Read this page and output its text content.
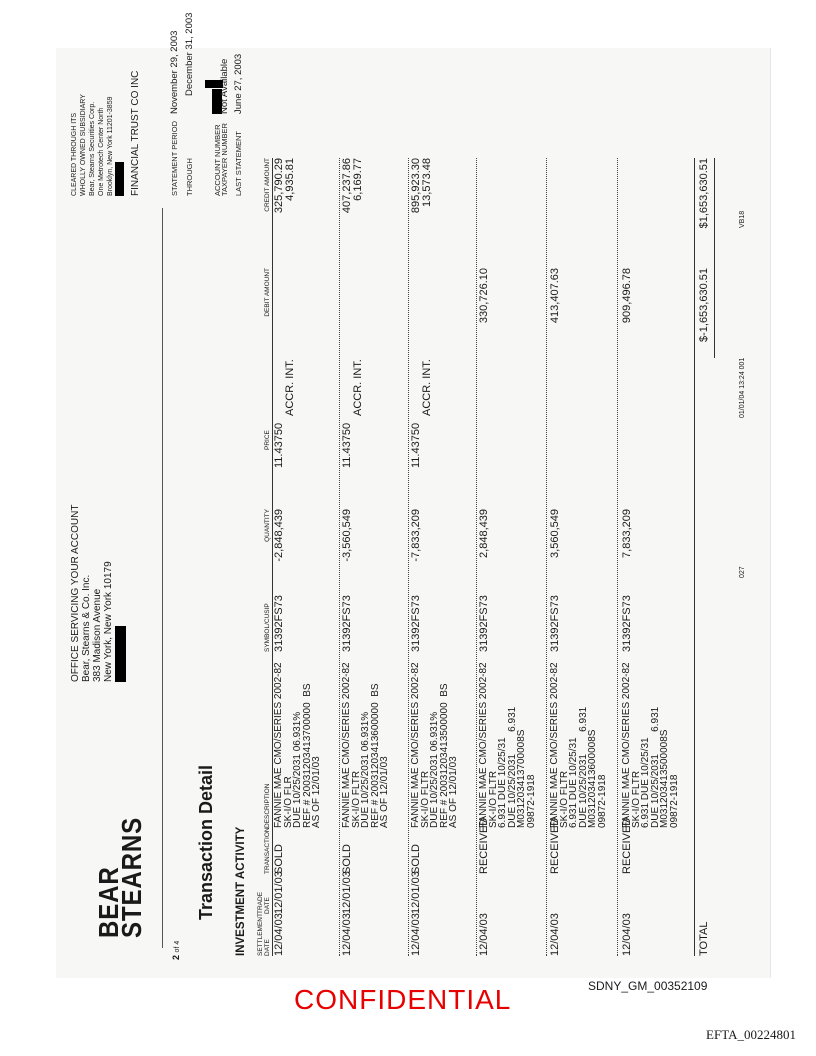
BEAR
STEARNS
2 of 4
OFFICE SERVICING YOUR ACCOUNT Bear, Stearns & Co. Inc. 383 Madison Avenue New York, New York 10179
CLEARED THROUGH ITS WHOLLY OWNED SUBSIDIARY Bear, Stearns Securities Corp. One Metrotech Center North Brooklyn, New York 11201-3859 FINANCIAL TRUST CO INC	STATEMENT PERIODNovember 29, 2003
THROUGHDecember 31, 2003
ACCOUNT NUMBER
TAXPAYER NUMBERNot Available
LAST STATEMENTJune 27, 2003
Transaction Detail INVESTMENT ACTIVITY SETTLEMENT DATE
TRADE DATE
TRANSACTION
DESCRIPTION
SYMBOL/CUSIP
QUANTITY
PRICE
DEBIT AMOUNT
CREDIT AMOUNT
12/04/03
12/01/03
SOLD
FANNIE MAE CMO/SERIES 2002-82
SK-I/O FLR
DUE 10/25/2031 06.931%
REF # 20031203413700000  BS
AS OF 12/01/03
31392FS73
-2,848,439
11.43750
ACCR. INT.
325,790.29 4,935.81
12/04/03
12/01/03
SOLD
FANNIE MAE CMO/SERIES 2002-82
SK-I/O FLTR
DUE 10/25/2031 06.931%
REF # 20031203413600000  BS
AS OF 12/01/03
31392FS73
-3,560,549
11.43750
ACCR. INT.
407,237.86 6,169.77
12/04/03
12/01/03
SOLD
FANNIE MAE CMO/SERIES 2002-82
SK-I/O FLTR
DUE 10/25/2031 06.931%
REF # 20031203413500000  BS
AS OF 12/01/03
31392FS73
-7,833,209
11.43750
ACCR. INT.
895,923.30 13,573.48
12/04/03
RECEIVED
FANNIE MAE CMO/SERIES 2002-82
SK-I/O FLTR
6.931 DUE 10/25/31
DUE 10/25/2031        6.931
M031203413700008S
09872-1918
31392FS73
2,848,439
330,726.10
12/04/03
RECEIVED
FANNIE MAE CMO/SERIES 2002-82
SK-I/O FLTR
6.931 DUE 10/25/31
DUE 10/25/2031        6.931
M031203413600008S
09872-1918
31392FS73
3,560,549
413,407.63
12/04/03
RECEIVED
FANNIE MAE CMO/SERIES 2002-82
SK-I/O FLTR
6.931 DUE 10/25/31
DUE 10/25/2031        6.931
M031203413500008S
09872-1918
31392FS73
7,833,209
909,496.78
TOTAL
$-1,653,630.51
$1,653,630.51
027
01/01/04 13:24 001
VB18
CONFIDENTIAL	SDNY_GM_00352109
EFTA_00224801
